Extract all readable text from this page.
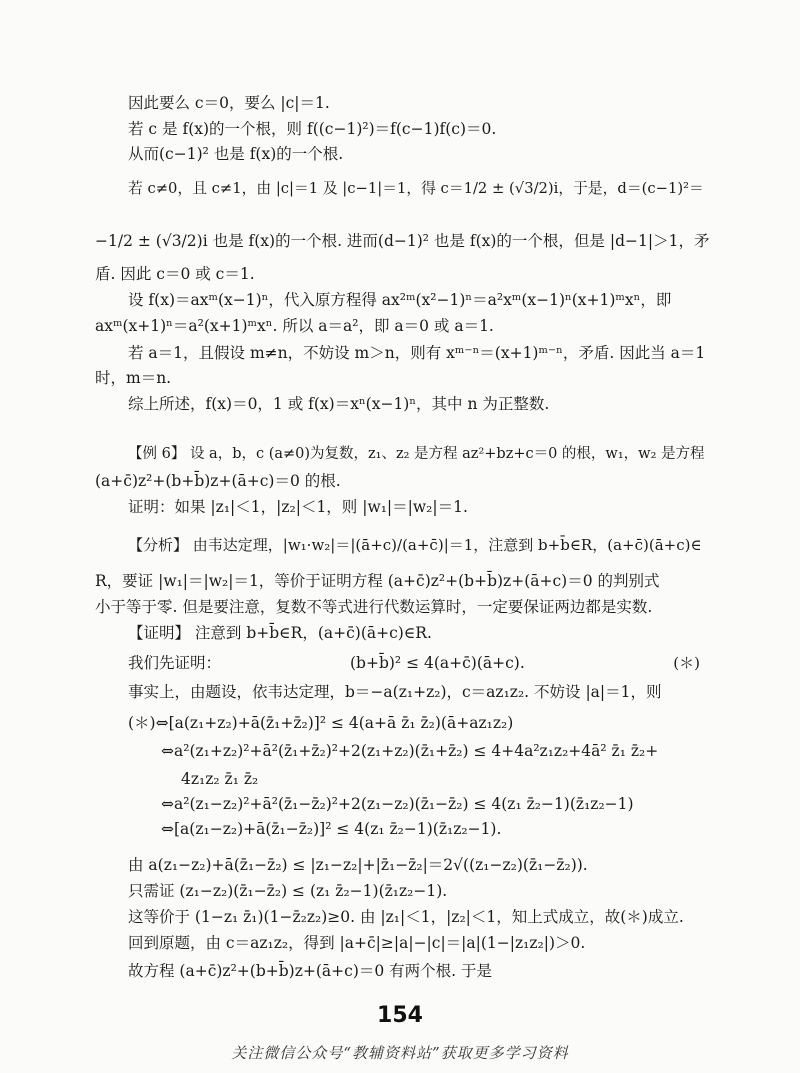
因此要么 c＝0，要么 |c|＝1.
若 c 是 f(x)的一个根，则 f((c−1)²)＝f(c−1)f(c)＝0.
从而(c−1)² 也是 f(x)的一个根.
若 c≠0，且 c≠1，由 |c|＝1 及 |c−1|＝1，得 c＝1/2 ± (√3/2)i，于是，d＝(c−1)²＝
−1/2 ± (√3/2)i 也是 f(x)的一个根. 进而(d−1)² 也是 f(x)的一个根，但是 |d−1|＞1，矛
盾. 因此 c＝0 或 c＝1.
设 f(x)＝axᵐ(x−1)ⁿ，代入原方程得 ax²ᵐ(x²−1)ⁿ＝a²xᵐ(x−1)ⁿ(x+1)ᵐxⁿ，即
axᵐ(x+1)ⁿ＝a²(x+1)ᵐxⁿ. 所以 a＝a²，即 a＝0 或 a＝1.
若 a＝1，且假设 m≠n，不妨设 m＞n，则有 xᵐ⁻ⁿ＝(x+1)ᵐ⁻ⁿ，矛盾. 因此当 a＝1
时，m＝n.
综上所述，f(x)＝0，1 或 f(x)＝xⁿ(x−1)ⁿ，其中 n 为正整数.
【例 6】 设 a，b，c (a≠0)为复数，z₁、z₂ 是方程 az²+bz+c＝0 的根，w₁，w₂ 是方程
(a+c̄)z²+(b+b̄)z+(ā+c)＝0 的根.
证明：如果 |z₁|＜1，|z₂|＜1，则 |w₁|＝|w₂|＝1.
【分析】 由韦达定理，|w₁·w₂|＝|(ā+c)/(a+c̄)|＝1，注意到 b+b̄∈R，(a+c̄)(ā+c)∈
R，要证 |w₁|＝|w₂|＝1，等价于证明方程 (a+c̄)z²+(b+b̄)z+(ā+c)＝0 的判别式
小于等于零. 但是要注意，复数不等式进行代数运算时，一定要保证两边都是实数.
【证明】 注意到 b+b̄∈R，(a+c̄)(ā+c)∈R.
我们先证明：	(b+b̄)² ≤ 4(a+c̄)(ā+c).	(＊)
事实上，由题设，依韦达定理，b＝−a(z₁+z₂)，c＝az₁z₂. 不妨设 |a|＝1，则
(＊)⇔[a(z₁+z₂)+ā(z̄₁+z̄₂)]² ≤ 4(a+ā z̄₁ z̄₂)(ā+az₁z₂)
⇔a²(z₁+z₂)²+ā²(z̄₁+z̄₂)²+2(z₁+z₂)(z̄₁+z̄₂) ≤ 4+4a²z₁z₂+4ā² z̄₁ z̄₂+
4z₁z₂ z̄₁ z̄₂
⇔a²(z₁−z₂)²+ā²(z̄₁−z̄₂)²+2(z₁−z₂)(z̄₁−z̄₂) ≤ 4(z₁ z̄₂−1)(z̄₁z₂−1)
⇔[a(z₁−z₂)+ā(z̄₁−z̄₂)]² ≤ 4(z₁ z̄₂−1)(z̄₁z₂−1).
由 a(z₁−z₂)+ā(z̄₁−z̄₂) ≤ |z₁−z₂|+|z̄₁−z̄₂|＝2√((z₁−z₂)(z̄₁−z̄₂)).
只需证 (z₁−z₂)(z̄₁−z̄₂) ≤ (z₁ z̄₂−1)(z̄₁z₂−1).
这等价于 (1−z₁ z̄₁)(1−z̄₂z₂)≥0. 由 |z₁|＜1，|z₂|＜1，知上式成立，故(＊)成立.
回到原题，由 c＝az₁z₂，得到 |a+c̄|≥|a|−|c|＝|a|(1−|z₁z₂|)＞0.
故方程 (a+c̄)z²+(b+b̄)z+(ā+c)＝0 有两个根. 于是
154
关注微信公众号“教辅资料站”获取更多学习资料
